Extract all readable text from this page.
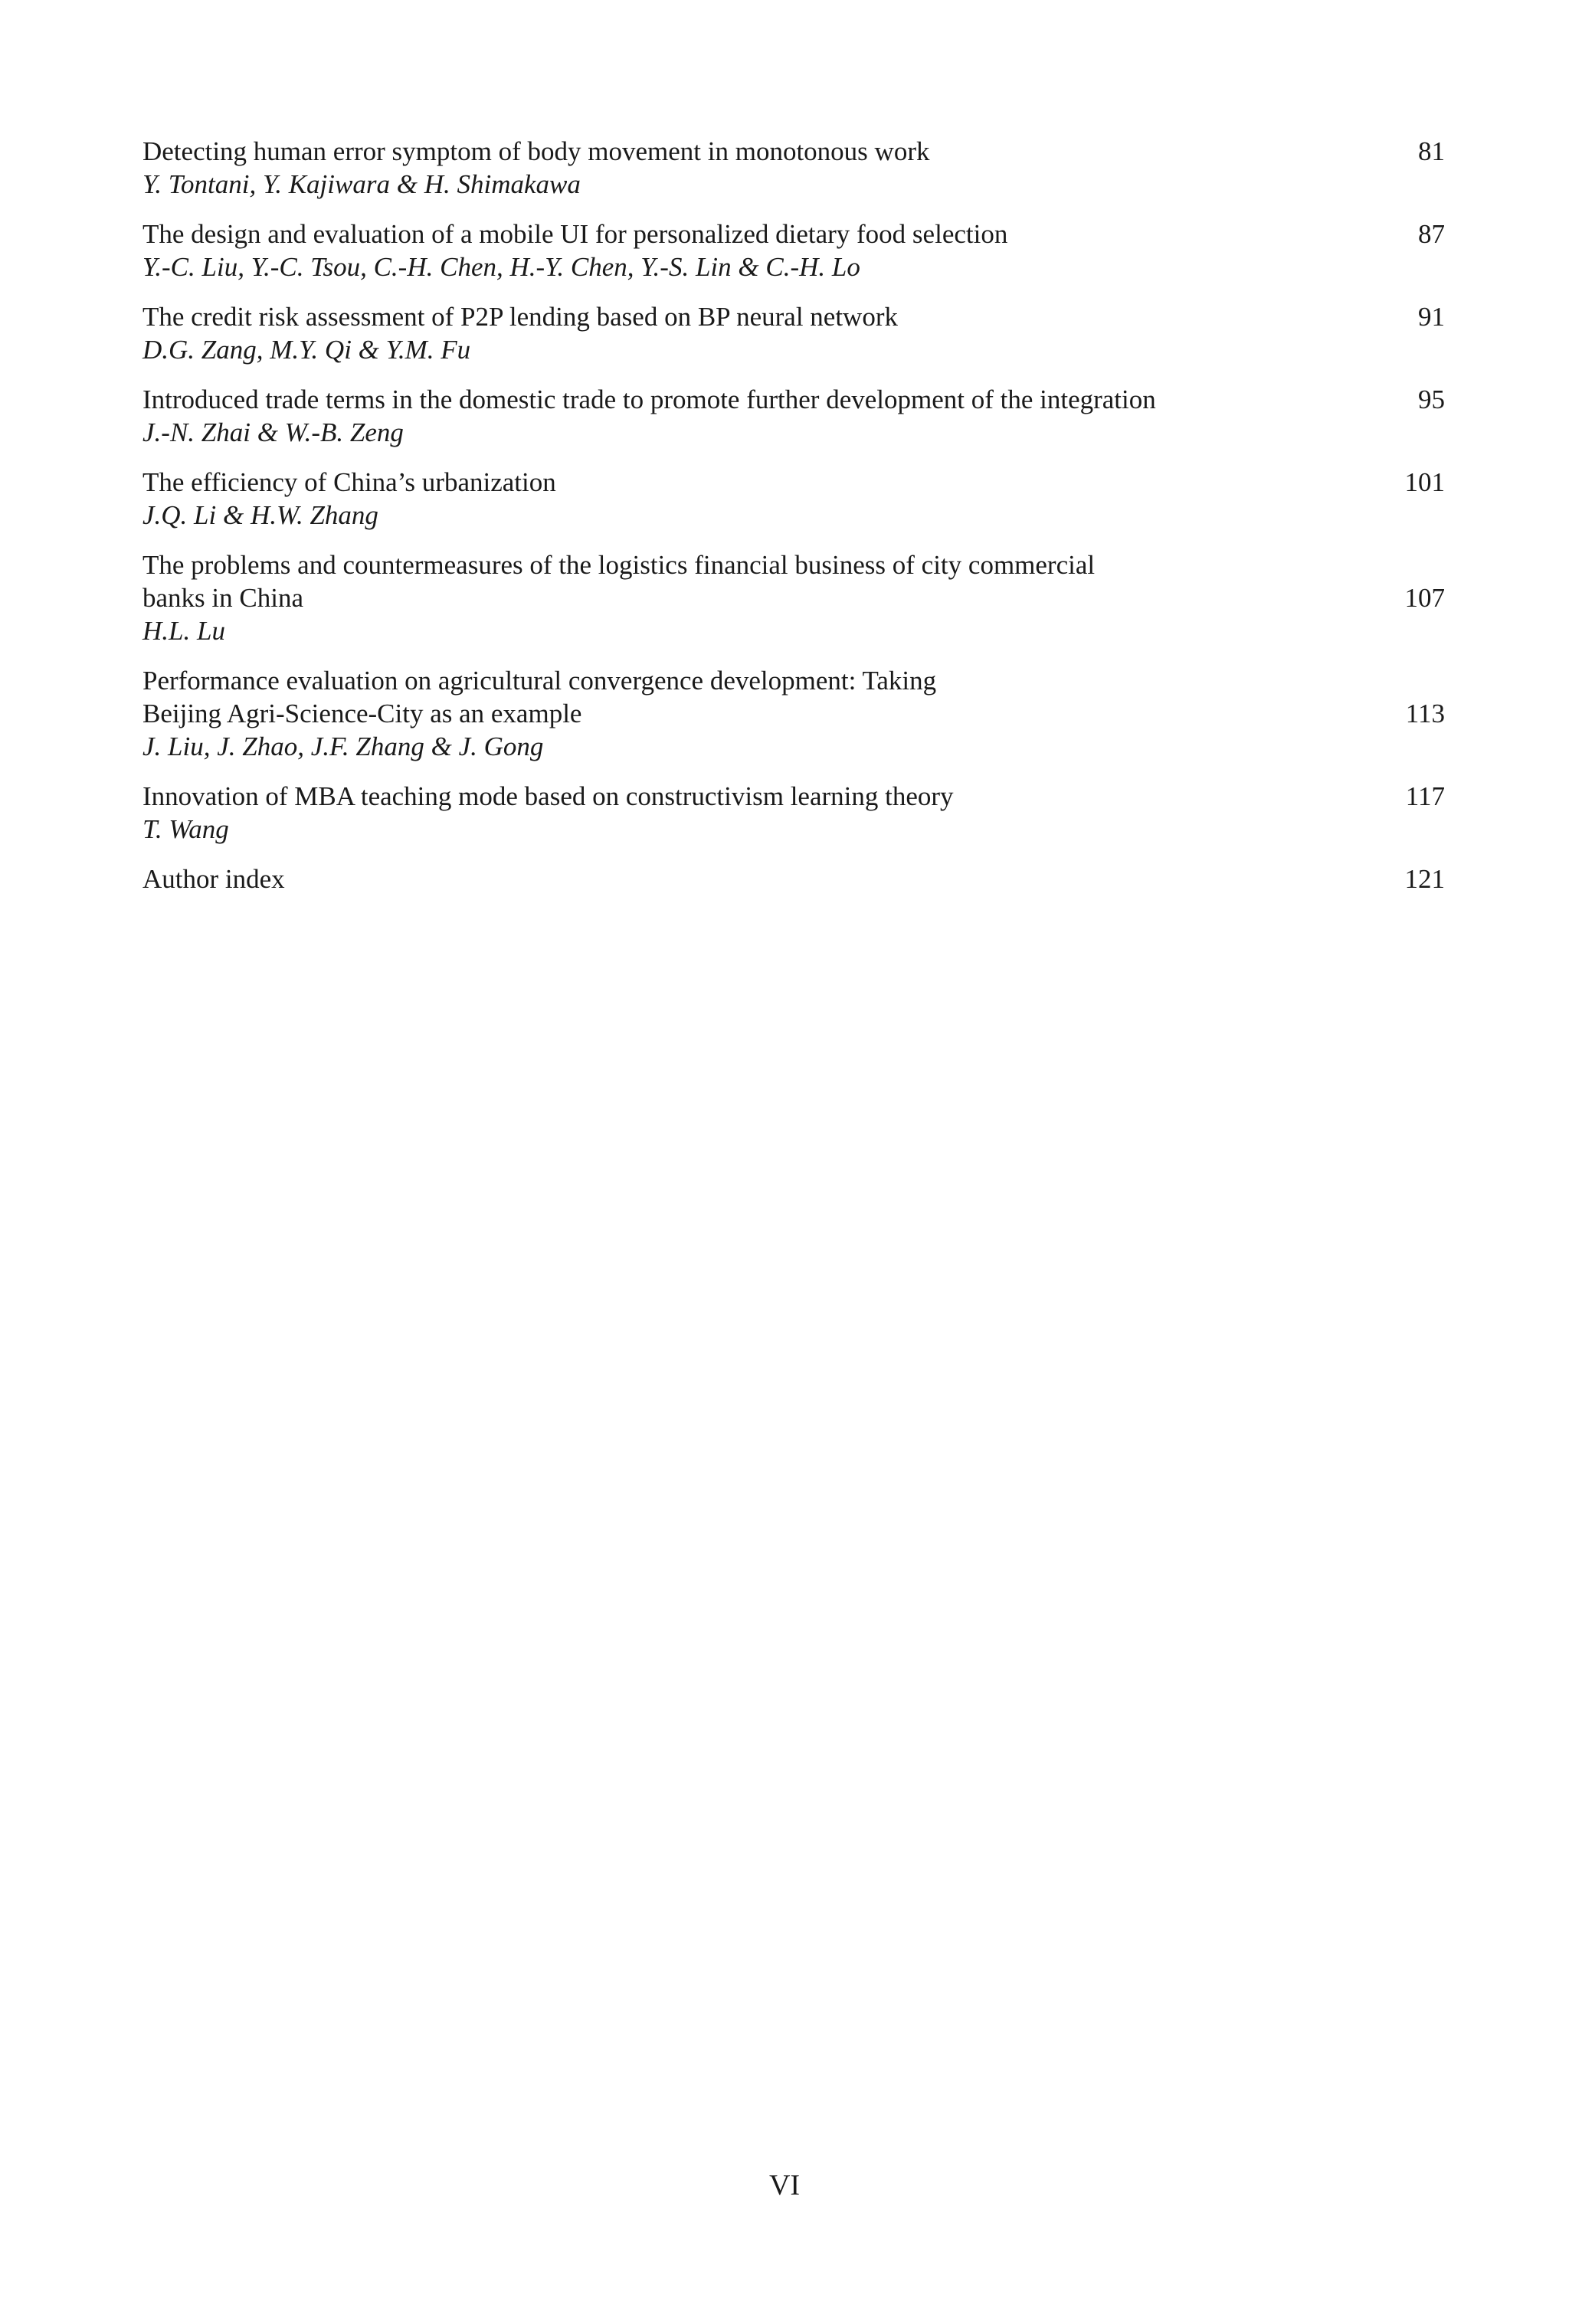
Detecting human error symptom of body movement in monotonous work	81
Y. Tontani, Y. Kajiwara & H. Shimakawa
The design and evaluation of a mobile UI for personalized dietary food selection	87
Y.-C. Liu, Y.-C. Tsou, C.-H. Chen, H.-Y. Chen, Y.-S. Lin & C.-H. Lo
The credit risk assessment of P2P lending based on BP neural network	91
D.G. Zang, M.Y. Qi & Y.M. Fu
Introduced trade terms in the domestic trade to promote further development of the integration	95
J.-N. Zhai & W.-B. Zeng
The efficiency of China’s urbanization	101
J.Q. Li & H.W. Zhang
The problems and countermeasures of the logistics financial business of city commercial
banks in China	107
H.L. Lu
Performance evaluation on agricultural convergence development: Taking
Beijing Agri-Science-City as an example	113
J. Liu, J. Zhao, J.F. Zhang & J. Gong
Innovation of MBA teaching mode based on constructivism learning theory	117
T. Wang
Author index	121
VI
